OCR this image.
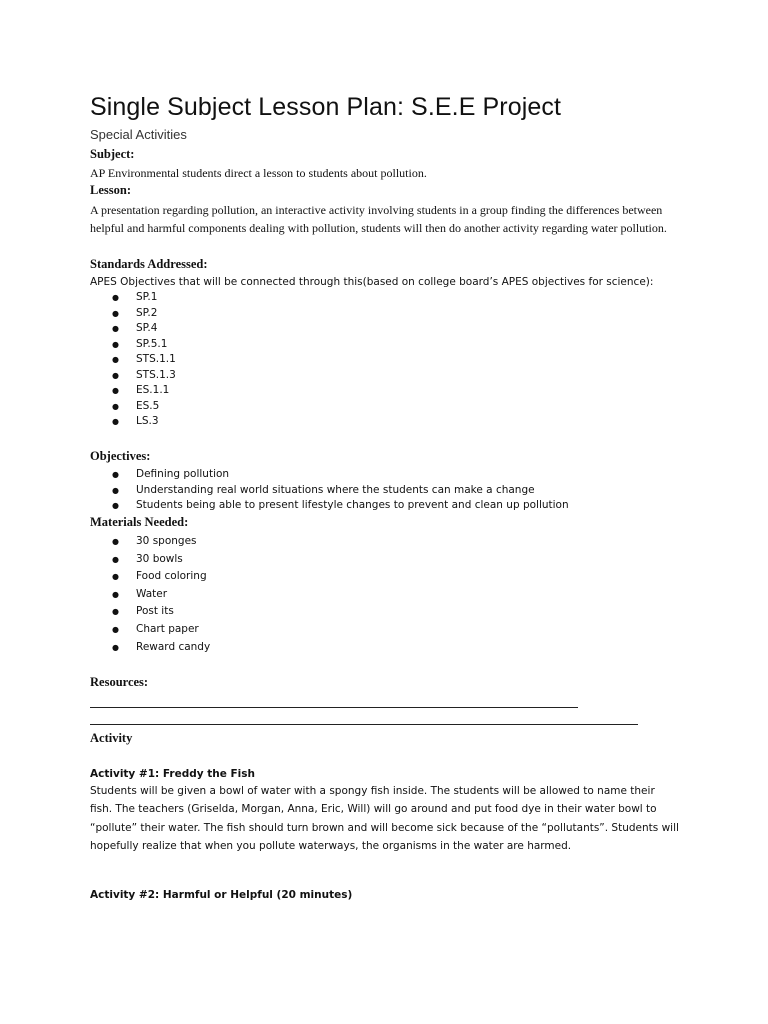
Single Subject Lesson Plan: S.E.E Project
Special Activities
Subject:
AP Environmental students direct a lesson to students about pollution.
Lesson:
A presentation regarding pollution, an interactive activity involving students in a group finding the differences between helpful and harmful components dealing with pollution, students will then do another activity regarding water pollution.
Standards Addressed:
APES Objectives that will be connected through this(based on college board’s APES objectives for science):
● SP.1
● SP.2
● SP.4
● SP.5.1
● STS.1.1
● STS.1.3
● ES.1.1
● ES.5
● LS.3
Objectives:
● Defining pollution
● Understanding real world situations where the students can make a change
● Students being able to present lifestyle changes to prevent and clean up pollution
Materials Needed:
● 30 sponges
● 30 bowls
● Food coloring
● Water
● Post its
● Chart paper
● Reward candy
Resources:
Activity
Activity #1: Freddy the Fish
Students will be given a bowl of water with a spongy fish inside. The students will be allowed to name their fish. The teachers (Griselda, Morgan, Anna, Eric, Will) will go around and put food dye in their water bowl to “pollute” their water. The fish should turn brown and will become sick because of the “pollutants”. Students will hopefully realize that when you pollute waterways, the organisms in the water are harmed.
Activity #2: Harmful or Helpful (20 minutes)
